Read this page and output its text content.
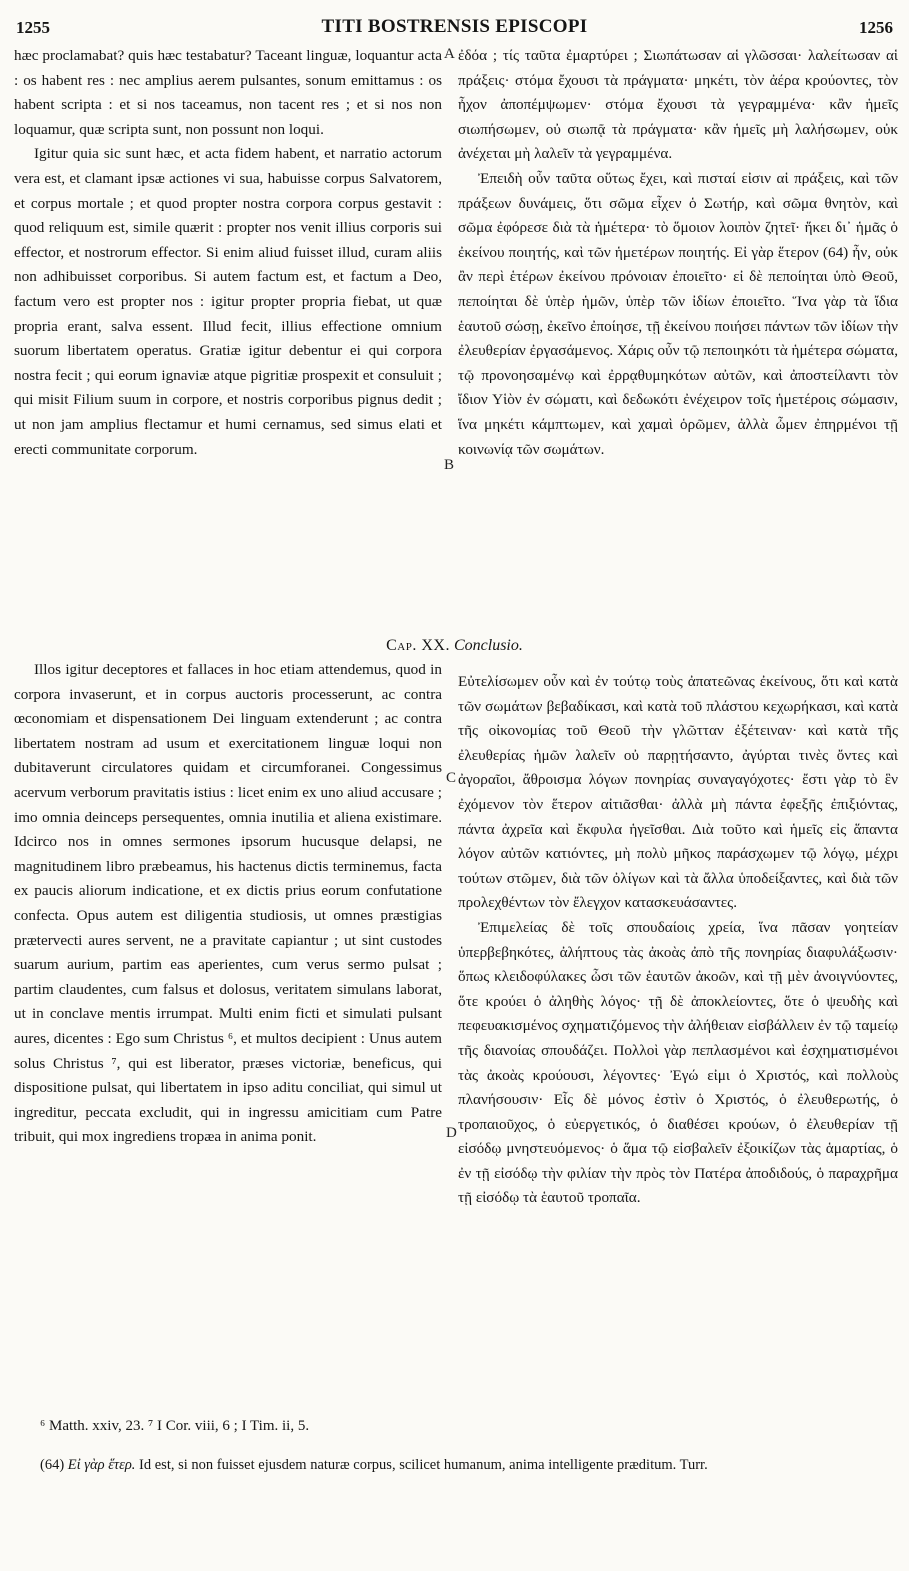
1255	TITI BOSTRENSIS EPISCOPI	1256

hæc proclamabat? quis hæc testabatur? Taceant linguæ, loquantur acta : os habent res : nec amplius aerem pulsantes, sonum emittamus : os habent scripta : et si nos taceamus, non tacent res ; et si nos non loquamur, quæ scripta sunt, non possunt non loqui.

Igitur quia sic sunt hæc, et acta fidem habent, et narratio actorum vera est, et clamant ipsæ actiones vi sua, habuisse corpus Salvatorem, et corpus mortale ; et quod propter nostra corpora corpus gestavit : quod reliquum est, simile quærit : propter nos venit illius corporis sui effector, et nostrorum effector. Si enim aliud fuisset illud, curam aliis non adhibuisset corporibus. Si autem factum est, et factum a Deo, factum vero est propter nos : igitur propter propria fiebat, ut quæ propria erant, salva essent. Illud fecit, illius effectione omnium suorum libertatem operatus. Gratiæ igitur debentur ei qui corpora nostra fecit ; qui eorum ignaviæ atque pigritiæ prospexit et consuluit ; qui misit Filium suum in corpore, et nostris corporibus pignus dedit ; ut non jam amplius flectamur et humi cernamus, sed simus elati et erecti communitate corporum.

ἐδόα ; τίς ταῦτα ἐμαρτύρει ; Σιωπάτωσαν αἱ γλῶσσαι· λαλείτωσαν αἱ πράξεις· στόμα ἔχουσι τὰ πράγματα· μηκέτι, τὸν ἀέρα κρούοντες, τὸν ἦχον ἀποπέμψωμεν· στόμα ἔχουσι τὰ γεγραμμένα· κἂν ἡμεῖς σιωπήσωμεν, οὐ σιωπᾷ τὰ πράγματα· κἂν ἡμεῖς μὴ λαλήσωμεν, οὐκ ἀνέχεται μὴ λαλεῖν τὰ γεγραμμένα.

Ἐπειδὴ οὖν ταῦτα οὕτως ἔχει, καὶ πισταί εἰσιν αἱ πράξεις, καὶ τῶν πράξεων δυνάμεις, ὅτι σῶμα εἶχεν ὁ Σωτήρ, καὶ σῶμα θνητὸν, καὶ σῶμα ἐφόρεσε διὰ τὰ ἡμέτερα· τὸ ὅμοιον λοιπὸν ζητεῖ· ἥκει δι᾽ ἡμᾶς ὁ ἐκείνου ποιητής, καὶ τῶν ἡμετέρων ποιητής. Εἰ γὰρ ἕτερον (64) ἦν, οὐκ ἂν περὶ ἑτέρων ἐκείνου πρόνοιαν ἐποιεῖτο· εἰ δὲ πεποίηται ὑπὸ Θεοῦ, πεποίηται δὲ ὑπὲρ ἡμῶν, ὑπὲρ τῶν ἰδίων ἐποιεῖτο. Ἵνα γὰρ τὰ ἴδια ἑαυτοῦ σώσῃ, ἐκεῖνο ἐποίησε, τῇ ἐκείνου ποιήσει πάντων τῶν ἰδίων τὴν ἐλευθερίαν ἐργασάμενος. Χάρις οὖν τῷ πεποιηκότι τὰ ἡμέτερα σώματα, τῷ προνοησαμένῳ καὶ ἐρρᾳθυμηκότων αὐτῶν, καὶ ἀποστείλαντι τὸν ἴδιον Υἱὸν ἐν σώματι, καὶ δεδωκότι ἐνέχειρον τοῖς ἡμετέροις σώμασιν, ἵνα μηκέτι κάμπτωμεν, καὶ χαμαὶ ὁρῶμεν, ἀλλὰ ὦμεν ἐπηρμένοι τῇ κοινωνίᾳ τῶν σωμάτων.

A
B
Cap. XX. Conclusio.

Illos igitur deceptores et fallaces in hoc etiam attendemus, quod in corpora invaserunt, et in corpus auctoris processerunt, ac contra œconomiam et dispensationem Dei linguam extenderunt ; ac contra libertatem nostram ad usum et exercitationem linguæ loqui non dubitaverunt circulatores quidam et circumforanei. Congessimus acervum verborum pravitatis istius : licet enim ex uno aliud accusare ; imo omnia deinceps persequentes, omnia inutilia et aliena existimare. Idcirco nos in omnes sermones ipsorum hucusque delapsi, ne magnitudinem libro præbeamus, his hactenus dictis terminemus, facta ex paucis aliorum indicatione, et ex dictis prius eorum confutatione confecta. Opus autem est diligentia studiosis, ut omnes præstigias prætervecti aures servent, ne a pravitate capiantur ; ut sint custodes suarum aurium, partim eas aperientes, cum verus sermo pulsat ; partim claudentes, cum falsus et dolosus, veritatem simulans laborat, ut in conclave mentis irrumpat. Multi enim ficti et simulati pulsant aures, dicentes : Ego sum Christus ⁶, et multos decipient : Unus autem solus Christus ⁷, qui est liberator, præses victoriæ, beneficus, qui dispositione pulsat, qui libertatem in ipso aditu conciliat, qui simul ut ingreditur, peccata excludit, qui in ingressu amicitiam cum Patre tribuit, qui mox ingrediens tropæa in anima ponit.

Εὐτελίσωμεν οὖν καὶ ἐν τούτῳ τοὺς ἀπατεῶνας ἐκείνους, ὅτι καὶ κατὰ τῶν σωμάτων βεβαδίκασι, καὶ κατὰ τοῦ πλάστου κεχωρήκασι, καὶ κατὰ τῆς οἰκονομίας τοῦ Θεοῦ τὴν γλῶτταν ἐξέτειναν· καὶ κατὰ τῆς ἐλευθερίας ἡμῶν λαλεῖν οὐ παρῃτήσαντο, ἀγύρται τινὲς ὄντες καὶ ἀγοραῖοι, ἄθροισμα λόγων πονηρίας συναγαγόχοτες· ἔστι γὰρ τὸ ἓν ἐχόμενον τὸν ἕτερον αἰτιᾶσθαι· ἀλλὰ μὴ πάντα ἐφεξῆς ἐπιξιόντας, πάντα ἀχρεῖα καὶ ἔκφυλα ἡγεῖσθαι. Διὰ τοῦτο καὶ ἡμεῖς εἰς ἅπαντα λόγον αὐτῶν κατιόντες, μὴ πολὺ μῆκος παράσχωμεν τῷ λόγῳ, μέχρι τούτων στῶμεν, διὰ τῶν ὀλίγων καὶ τὰ ἄλλα ὑποδείξαντες, καὶ διὰ τῶν προλεχθέντων τὸν ἔλεγχον κατασκευάσαντες.

Ἐπιμελείας δὲ τοῖς σπουδαίοις χρεία, ἵνα πᾶσαν γοητείαν ὑπερβεβηκότες, ἀλήπτους τὰς ἀκοὰς ἀπὸ τῆς πονηρίας διαφυλάξωσιν· ὅπως κλειδοφύλακες ὦσι τῶν ἑαυτῶν ἀκοῶν, καὶ τῇ μὲν ἀνοιγνύοντες, ὅτε κρούει ὁ ἀληθὴς λόγος· τῇ δὲ ἀποκλείοντες, ὅτε ὁ ψευδὴς καὶ πεφευακισμένος σχηματιζόμενος τὴν ἀλήθειαν εἰσβάλλειν ἐν τῷ ταμείῳ τῆς διανοίας σπουδάζει. Πολλοὶ γὰρ πεπλασμένοι καὶ ἐσχηματισμένοι τὰς ἀκοὰς κρούουσι, λέγοντες· Ἐγώ εἰμι ὁ Χριστός, καὶ πολλοὺς πλανήσουσιν· Εἷς δὲ μόνος ἐστὶν ὁ Χριστός, ὁ ἐλευθερωτής, ὁ τροπαιοῦχος, ὁ εὐεργετικός, ὁ διαθέσει κρούων, ὁ ἐλευθερίαν τῇ εἰσόδῳ μνηστευόμενος· ὁ ἅμα τῷ εἰσβαλεῖν ἐξοικίζων τὰς ἁμαρτίας, ὁ ἐν τῇ εἰσόδῳ τὴν φιλίαν τὴν πρὸς τὸν Πατέρα ἀποδιδούς, ὁ παραχρῆμα τῇ εἰσόδῳ τὰ ἑαυτοῦ τροπαῖα.

C
D
⁶ Matth. xxiv, 23. ⁷ I Cor. viii, 6 ; I Tim. ii, 5.
(64) Εἰ γὰρ ἕτερ. Id est, si non fuisset ejusdem naturæ corpus, scilicet humanum, anima intelligente præditum. Turr.
